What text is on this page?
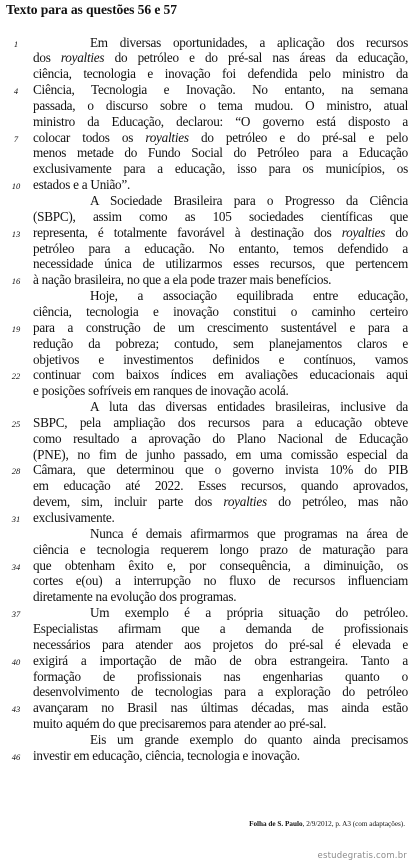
Texto para as questões 56 e 57
Em diversas oportunidades, a aplicação dos recursos
dos royalties do petróleo e do pré-sal nas áreas da educação,
ciência, tecnologia e inovação foi defendida pelo ministro da
Ciência, Tecnologia e Inovação. No entanto, na semana
passada, o discurso sobre o tema mudou. O ministro, atual
ministro da Educação, declarou: “O governo está disposto a
colocar todos os royalties do petróleo e do pré-sal e pelo
menos metade do Fundo Social do Petróleo para a Educação
exclusivamente para a educação, isso para os municípios, os
estados e a União”.
A Sociedade Brasileira para o Progresso da Ciência
(SBPC), assim como as 105 sociedades científicas que
representa, é totalmente favorável à destinação dos royalties do
petróleo para a educação. No entanto, temos defendido a
necessidade única de utilizarmos esses recursos, que pertencem
à nação brasileira, no que a ela pode trazer mais benefícios.
Hoje, a associação equilibrada entre educação,
ciência, tecnologia e inovação constitui o caminho certeiro
para a construção de um crescimento sustentável e para a
redução da pobreza; contudo, sem planejamentos claros e
objetivos e investimentos definidos e contínuos, vamos
continuar com baixos índices em avaliações educacionais aqui
e posições sofríveis em ranques de inovação acolá.
A luta das diversas entidades brasileiras, inclusive da
SBPC, pela ampliação dos recursos para a educação obteve
como resultado a aprovação do Plano Nacional de Educação
(PNE), no fim de junho passado, em uma comissão especial da
Câmara, que determinou que o governo invista 10% do PIB
em educação até 2022. Esses recursos, quando aprovados,
devem, sim, incluir parte dos royalties do petróleo, mas não
exclusivamente.
Nunca é demais afirmarmos que programas na área de
ciência e tecnologia requerem longo prazo de maturação para
que obtenham êxito e, por consequência, a diminuição, os
cortes e(ou) a interrupção no fluxo de recursos influenciam
diretamente na evolução dos programas.
Um exemplo é a própria situação do petróleo.
Especialistas afirmam que a demanda de profissionais
necessários para atender aos projetos do pré-sal é elevada e
exigirá a importação de mão de obra estrangeira. Tanto a
formação de profissionais nas engenharias quanto o
desenvolvimento de tecnologias para a exploração do petróleo
avançaram no Brasil nas últimas décadas, mas ainda estão
muito aquém do que precisaremos para atender ao pré-sal.
Eis um grande exemplo do quanto ainda precisamos
investir em educação, ciência, tecnologia e inovação.
1
4
7
10
13
16
19
22
25
28
31
34
37
40
43
46
Folha de S. Paulo, 2/9/2012, p. A3 (com adaptações).
estudegratis.com.br
